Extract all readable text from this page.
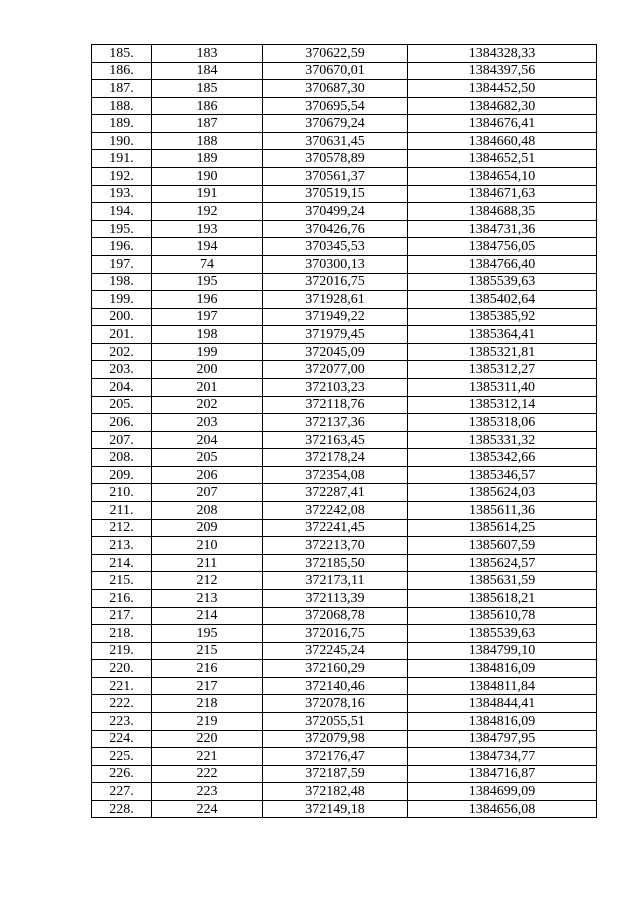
185.	183	370622,59	1384328,33
186.	184	370670,01	1384397,56
187.	185	370687,30	1384452,50
188.	186	370695,54	1384682,30
189.	187	370679,24	1384676,41
190.	188	370631,45	1384660,48
191.	189	370578,89	1384652,51
192.	190	370561,37	1384654,10
193.	191	370519,15	1384671,63
194.	192	370499,24	1384688,35
195.	193	370426,76	1384731,36
196.	194	370345,53	1384756,05
197.	74	370300,13	1384766,40
198.	195	372016,75	1385539,63
199.	196	371928,61	1385402,64
200.	197	371949,22	1385385,92
201.	198	371979,45	1385364,41
202.	199	372045,09	1385321,81
203.	200	372077,00	1385312,27
204.	201	372103,23	1385311,40
205.	202	372118,76	1385312,14
206.	203	372137,36	1385318,06
207.	204	372163,45	1385331,32
208.	205	372178,24	1385342,66
209.	206	372354,08	1385346,57
210.	207	372287,41	1385624,03
211.	208	372242,08	1385611,36
212.	209	372241,45	1385614,25
213.	210	372213,70	1385607,59
214.	211	372185,50	1385624,57
215.	212	372173,11	1385631,59
216.	213	372113,39	1385618,21
217.	214	372068,78	1385610,78
218.	195	372016,75	1385539,63
219.	215	372245,24	1384799,10
220.	216	372160,29	1384816,09
221.	217	372140,46	1384811,84
222.	218	372078,16	1384844,41
223.	219	372055,51	1384816,09
224.	220	372079,98	1384797,95
225.	221	372176,47	1384734,77
226.	222	372187,59	1384716,87
227.	223	372182,48	1384699,09
228.	224	372149,18	1384656,08
